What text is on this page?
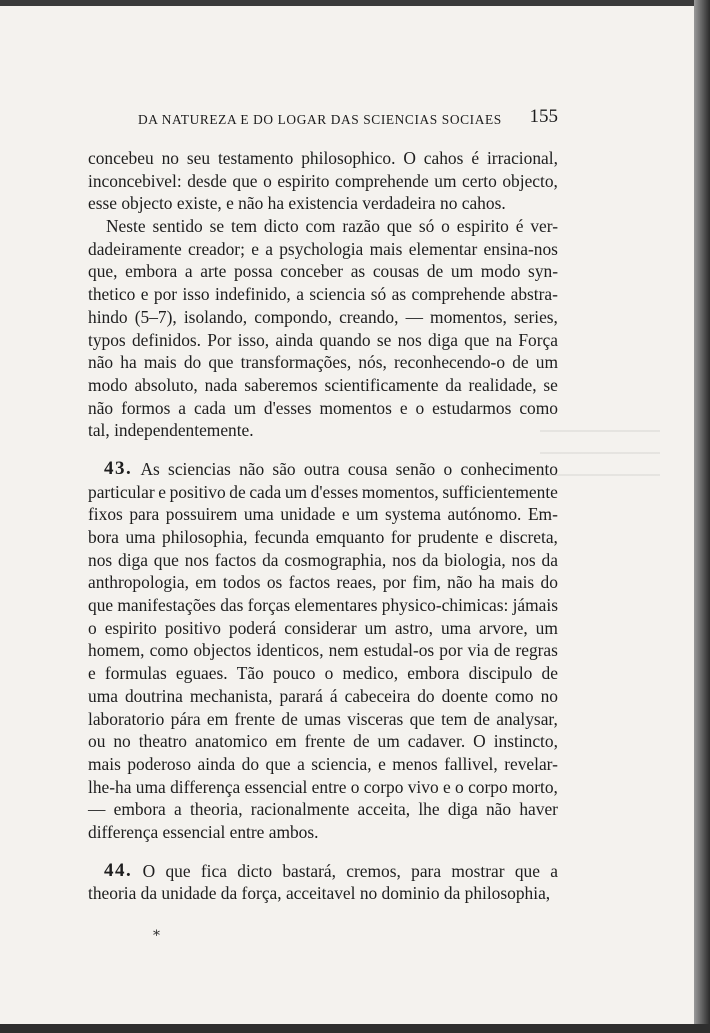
DA NATUREZA E DO LOGAR DAS SCIENCIAS SOCIAES 155
concebeu no seu testamento philosophico. O cahos é irracional,
inconcebivel: desde que o espirito comprehende um certo objecto,
esse objecto existe, e não ha existencia verdadeira no cahos.
Neste sentido se tem dicto com razão que só o espirito é ver-
dadeiramente creador; e a psychologia mais elementar ensina-nos
que, embora a arte possa conceber as cousas de um modo syn-
thetico e por isso indefinido, a sciencia só as comprehende abstra-
hindo (5–7), isolando, compondo, creando, — momentos, series,
typos definidos. Por isso, ainda quando se nos diga que na Força
não ha mais do que transformações, nós, reconhecendo-o de um
modo absoluto, nada saberemos scientificamente da realidade, se
não formos a cada um d'esses momentos e o estudarmos como
tal, independentemente.
43. As sciencias não são outra cousa senão o conhecimento
particular e positivo de cada um d'esses momentos, sufficientemente
fixos para possuirem uma unidade e um systema autónomo. Em-
bora uma philosophia, fecunda emquanto for prudente e discreta,
nos diga que nos factos da cosmographia, nos da biologia, nos da
anthropologia, em todos os factos reaes, por fim, não ha mais do
que manifestações das forças elementares physico-chimicas: jámais
o espirito positivo poderá considerar um astro, uma arvore, um
homem, como objectos identicos, nem estudal-os por via de regras
e formulas eguaes. Tão pouco o medico, embora discipulo de
uma doutrina mechanista, parará á cabeceira do doente como no
laboratorio pára em frente de umas visceras que tem de analysar,
ou no theatro anatomico em frente de um cadaver. O instincto,
mais poderoso ainda do que a sciencia, e menos fallivel, revelar-
lhe-ha uma differença essencial entre o corpo vivo e o corpo morto,
— embora a theoria, racionalmente acceita, lhe diga não haver
differença essencial entre ambos.
44. O que fica dicto bastará, cremos, para mostrar que a
theoria da unidade da força, acceitavel no dominio da philosophia,
*
